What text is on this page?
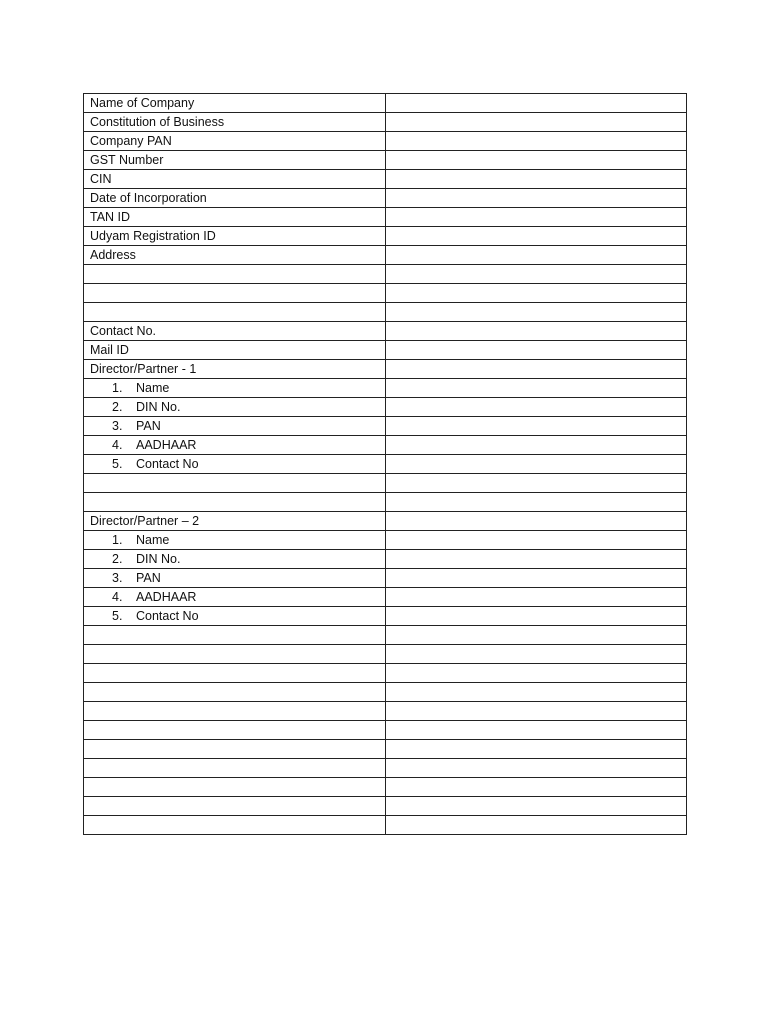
Name of Company	
Constitution of Business	
Company PAN	
GST Number	
CIN	
Date of Incorporation	
TAN ID	
Udyam Registration ID	
Address	

Contact No.	
Mail ID	
Director/Partner - 1	
1. Name	
2. DIN No.	
3. PAN	
4. AADHAAR	
5. Contact No	

Director/Partner – 2	
1. Name	
2. DIN No.	
3. PAN	
4. AADHAAR	
5. Contact No	
